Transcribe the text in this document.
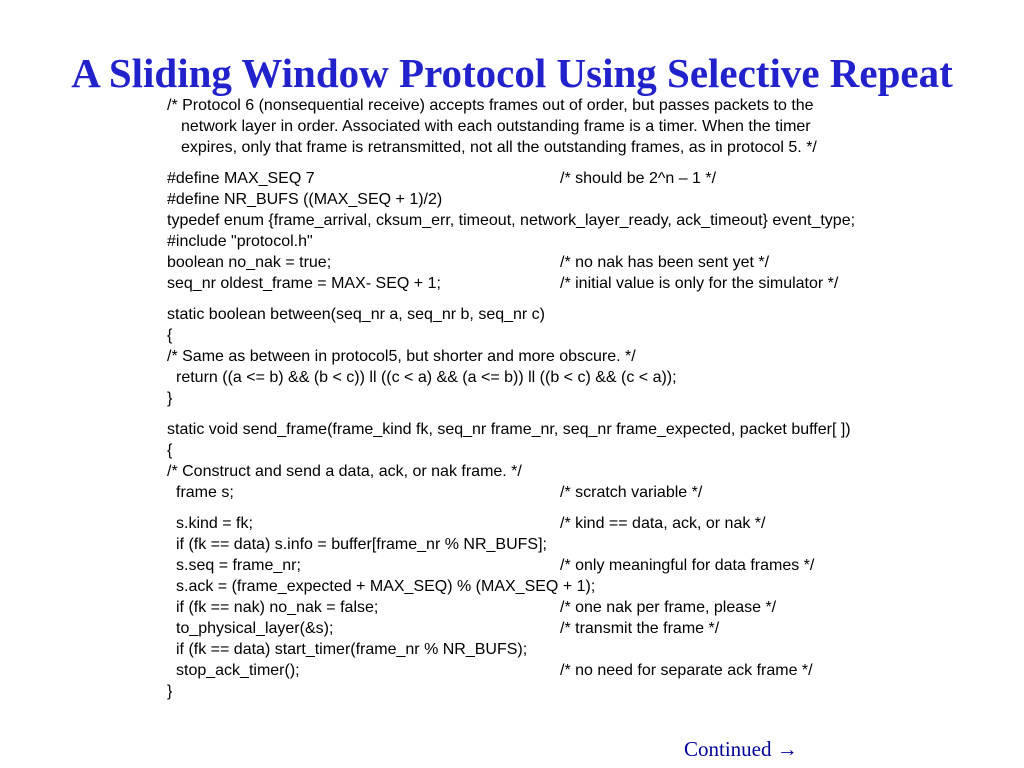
A Sliding Window Protocol Using Selective Repeat
/* Protocol 6 (nonsequential receive) accepts frames out of order, but passes packets to the
network layer in order. Associated with each outstanding frame is a timer. When the timer
expires, only that frame is retransmitted, not all the outstanding frames, as in protocol 5. */
#define MAX_SEQ 7	/* should be 2^n – 1 */
#define NR_BUFS ((MAX_SEQ + 1)/2)
typedef enum {frame_arrival, cksum_err, timeout, network_layer_ready, ack_timeout} event_type;
#include "protocol.h"
boolean no_nak = true;	/* no nak has been sent yet */
seq_nr oldest_frame = MAX- SEQ + 1;	/* initial value is only for the simulator */
static boolean between(seq_nr a, seq_nr b, seq_nr c)
{
/* Same as between in protocol5, but shorter and more obscure. */
return ((a <= b) && (b < c)) ll ((c < a) && (a <= b)) ll ((b < c) && (c < a));
}
static void send_frame(frame_kind fk, seq_nr frame_nr, seq_nr frame_expected, packet buffer[ ])
{
/* Construct and send a data, ack, or nak frame. */
frame s;	/* scratch variable */
s.kind = fk;	/* kind == data, ack, or nak */
if (fk == data) s.info = buffer[frame_nr % NR_BUFS];
s.seq = frame_nr;	/* only meaningful for data frames */
s.ack = (frame_expected + MAX_SEQ) % (MAX_SEQ + 1);
if (fk == nak) no_nak = false;	/* one nak per frame, please */
to_physical_layer(&s);	/* transmit the frame */
if (fk == data) start_timer(frame_nr % NR_BUFS);
stop_ack_timer();	/* no need for separate ack frame */
}
Continued →
